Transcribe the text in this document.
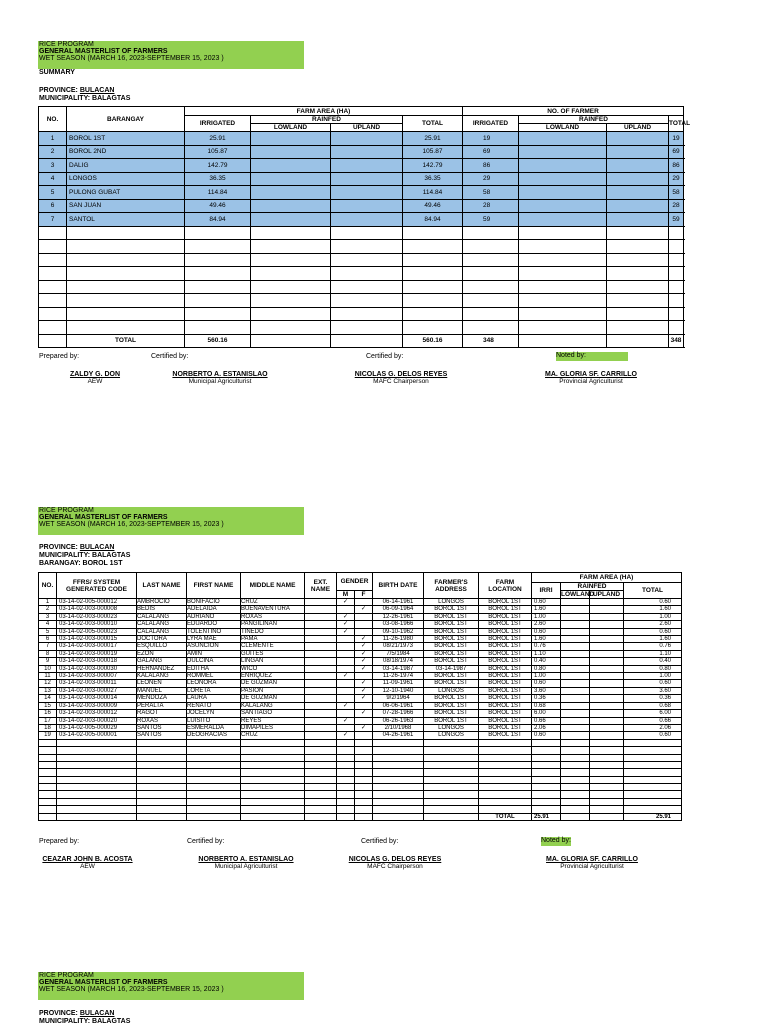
RICE PROGRAM
GENERAL MASTERLIST OF FARMERS
WET SEASON (MARCH 16, 2023-SEPTEMBER 15, 2023 )
SUMMARY
PROVINCE: BULACAN
MUNICIPALITY: BALAGTAS
NO.	BARANGAY	FARM AREA (HA)				NO. OF FARMER			
		IRRIGATED	RAINFED		TOTAL	IRRIGATED	RAINFED		TOTAL
			LOWLAND	UPLAND			LOWLAND	UPLAND	
1	BOROL 1ST	25.91			25.91	19			19
2	BOROL 2ND	105.87			105.87	69			69
3	DALIG	142.79			142.79	86			86
4	LONGOS	36.35			36.35	29			29
5	PULONG GUBAT	114.84			114.84	58			58
6	SAN JUAN	49.46			49.46	28			28
7	SANTOL	84.94			84.94	59			59

	TOTAL	560.16			560.16	348			348
Prepared by:	Certified by:	Certified by:	Noted by:
ZALDY G. DON
AEW
NORBERTO A. ESTANISLAO
Municipal Agriculturist
NICOLAS G. DELOS REYES
MAFC Chairperson
MA. GLORIA SF. CARRILLO
Provincial Agriculturist
RICE PROGRAM
GENERAL MASTERLIST OF FARMERS
WET SEASON (MARCH 16, 2023-SEPTEMBER 15, 2023 )
PROVINCE: BULACAN
MUNICIPALITY: BALAGTAS
BARANGAY: BOROL 1ST
NO.	FFRS/ SYSTEM GENERATED CODE	LAST NAME	FIRST NAME	MIDDLE NAME	EXT. NAME	GENDER		BIRTH DATE	FARMER'S ADDRESS	FARM LOCATION	FARM AREA (HA)			
											IRRI	RAINFED		TOTAL
						M	F					LOWLAND	UPLAND	
1	03-14-02-005-000012	AMBROCIO	BONIFACIO	CRUZ		✓		06-14-1961	LONGOS	BOROL 1ST	0.60			0.60
2	03-14-02-003-000008	BEDIS	ADELAIDA	BUENAVENTURA			✓	06-09-1964	BOROL 1ST	BOROL 1ST	1.60			1.60
3	03-14-02-003-000023	CALALANG	ADRIANO	ROXAS		✓		12-26-1961	BOROL 1ST	BOROL 1ST	1.00			1.00
4	03-14-02-003-000010	CALALANG	EDUARDO	PANGILINAN		✓		03-08-1966	BOROL 1ST	BOROL 1ST	2.60			2.60
5	03-14-02-005-000023	CALALANG	TOLENTINO	TINEDO		✓		09-10-1962	BOROL 1ST	BOROL 1ST	0.60			0.60
6	03-14-02-003-000015	DOCTORA	LYRA MAE	PAMA			✓	11-26-1980	BOROL 1ST	BOROL 1ST	1.60			1.60
7	03-14-02-003-000017	ESQUILLO	ASUNCION	CLEMENTE			✓	08/21/1973	BOROL 1ST	BOROL 1ST	0.76			0.76
8	03-14-02-003-000019	EZON	AMIN	GUITES			✓	7/5/1984	BOROL 1ST	BOROL 1ST	1.10			1.10
9	03-14-02-003-000018	GALANG	DULCINA	LINGAN			✓	08/18/1974	BOROL 1ST	BOROL 1ST	0.40			0.40
10	03-14-02-003-000030	HERNANDEZ	EDITHA	WICO			✓	03-14-1987	03-14-1987	BOROL 1ST	0.80			0.80
11	03-14-02-003-000007	KALALANG	ROMMEL	ENRIQUEZ		✓		11-26-1974	BOROL 1ST	BOROL 1ST	1.00			1.00
12	03-14-02-003-000011	LEONEN	LEONORA	DE GUZMAN			✓	11-09-1961	BOROL 1ST	BOROL 1ST	0.60			0.60
13	03-14-02-003-000027	MANUEL	LORETA	PASION			✓	12-10-1940	LONGOS	BOROL 1ST	3.60			3.60
14	03-14-02-003-000014	MENDOZA	LAURA	DE GUZMAN			✓	9/2/1964	BOROL 1ST	BOROL 1ST	0.36			0.36
15	03-14-02-003-000009	PERALTA	RENATO	KALALANG		✓		06-06-1961	BOROL 1ST	BOROL 1ST	0.68			0.68
16	03-14-02-003-000012	RAGOT	JOCELYN	SANTIAGO			✓	07-28-1966	BOROL 1ST	BOROL 1ST	6.00			6.00
17	03-14-02-003-000020	ROXAS	LUISITO	REYES		✓		06-26-1963	BOROL 1ST	BOROL 1ST	0.66			0.66
18	03-14-02-005-000029	SANTOS	ESMERALDA	DIMAPILES			✓	2/10/1968	LONGOS	BOROL 1ST	2.06			2.06
19	03-14-02-005-000001	SANTOS	DEOGRACIAS	CRUZ		✓		04-26-1961	LONGOS	BOROL 1ST	0.60			0.60

										TOTAL	25.91			25.91
Prepared by:	Certified by:	Certified by:	Noted by:
CEAZAR JOHN B. ACOSTA
AEW
NORBERTO A. ESTANISLAO
Municipal Agriculturist
NICOLAS G. DELOS REYES
MAFC Chairperson
MA. GLORIA SF. CARRILLO
Provincial Agriculturist
RICE PROGRAM
GENERAL MASTERLIST OF FARMERS
WET SEASON (MARCH 16, 2023-SEPTEMBER 15, 2023 )
PROVINCE: BULACAN
MUNICIPALITY: BALAGTAS
